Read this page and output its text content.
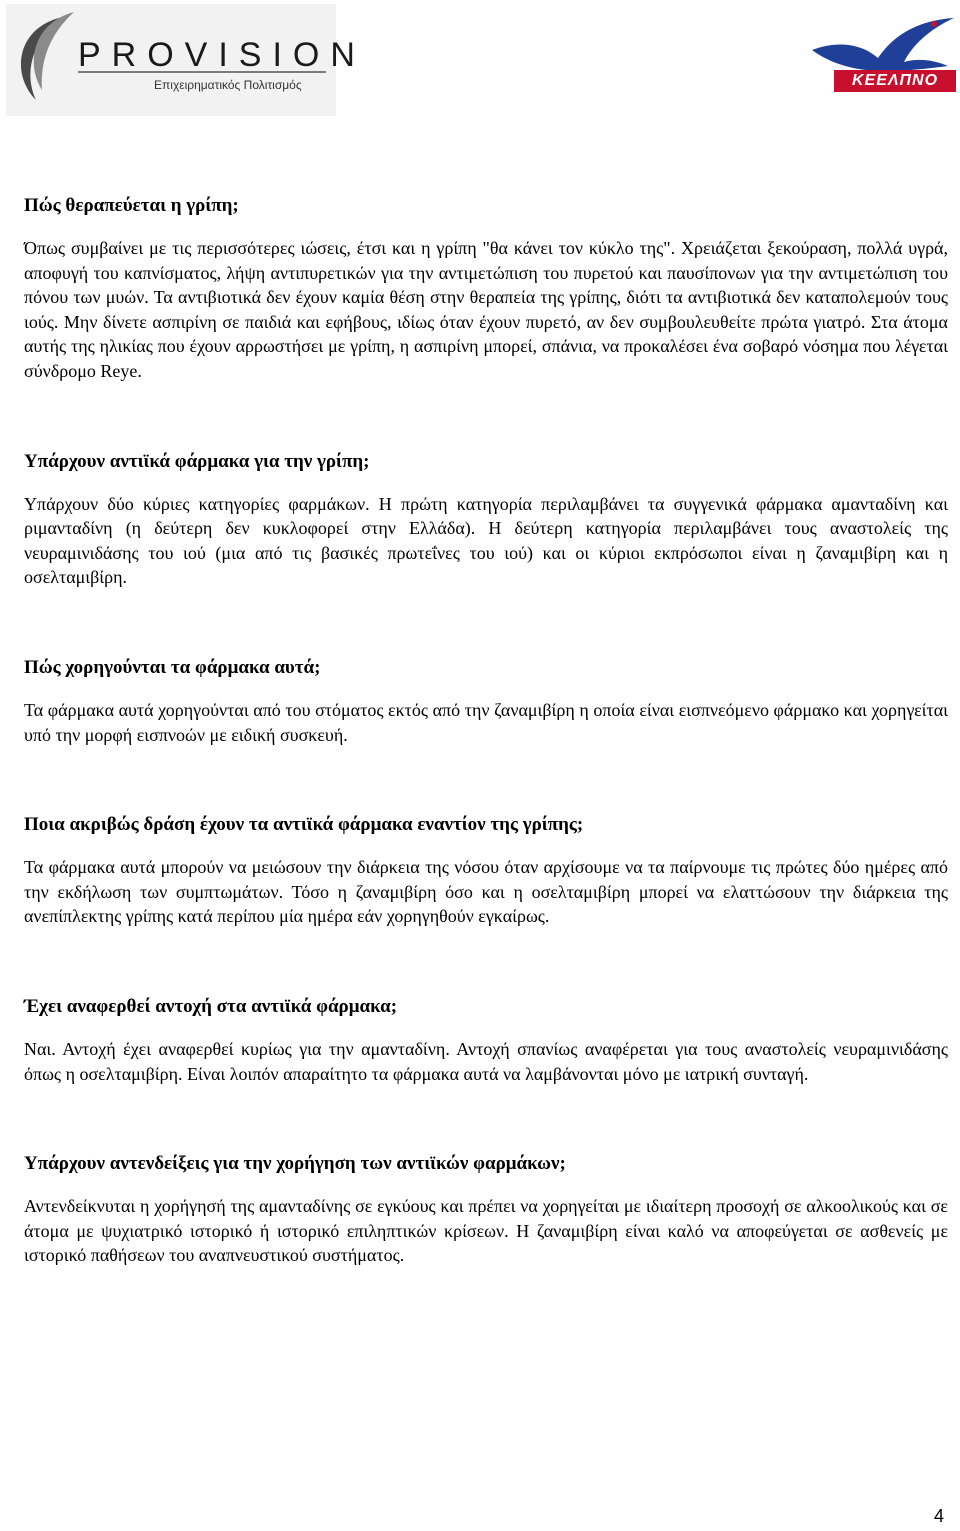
PROVISION
Επιχειρηματικός Πολιτισμός	ΚΕΕΛΠΝΟ
Πώς θεραπεύεται η γρίπη;

Όπως συμβαίνει με τις περισσότερες ιώσεις, έτσι και η γρίπη "θα κάνει τον κύκλο της". Χρειάζεται ξεκούραση, πολλά υγρά, αποφυγή του καπνίσματος, λήψη αντιπυρετικών για την αντιμετώπιση του πυρετού και παυσίπονων για την αντιμετώπιση του πόνου των μυών. Τα αντιβιοτικά δεν έχουν καμία θέση στην θεραπεία της γρίπης, διότι τα αντιβιοτικά δεν καταπολεμούν τους ιούς. Μην δίνετε ασπιρίνη σε παιδιά και εφήβους, ιδίως όταν έχουν πυρετό, αν δεν συμβουλευθείτε πρώτα γιατρό. Στα άτομα αυτής της ηλικίας που έχουν αρρωστήσει με γρίπη, η ασπιρίνη μπορεί, σπάνια, να προκαλέσει ένα σοβαρό νόσημα που λέγεται σύνδρομο Reye.

Υπάρχουν αντιϊκά φάρμακα για την γρίπη;

Υπάρχουν δύο κύριες κατηγορίες φαρμάκων. Η πρώτη κατηγορία περιλαμβάνει τα συγγενικά φάρμακα αμανταδίνη και ριμανταδίνη (η δεύτερη δεν κυκλοφορεί στην Ελλάδα). Η δεύτερη κατηγορία περιλαμβάνει τους αναστολείς της νευραμινιδάσης του ιού (μια από τις βασικές πρωτεΐνες του ιού) και οι κύριοι εκπρόσωποι είναι η ζαναμιβίρη και η οσελταμιβίρη.

Πώς χορηγούνται τα φάρμακα αυτά;

Τα φάρμακα αυτά χορηγούνται από του στόματος εκτός από την ζαναμιβίρη η οποία είναι εισπνεόμενο φάρμακο και χορηγείται υπό την μορφή εισπνοών με ειδική συσκευή.

Ποια ακριβώς δράση έχουν τα αντιϊκά φάρμακα εναντίον της γρίπης;

Τα φάρμακα αυτά μπορούν να μειώσουν την διάρκεια της νόσου όταν αρχίσουμε να τα παίρνουμε τις πρώτες δύο ημέρες από την εκδήλωση των συμπτωμάτων. Τόσο η ζαναμιβίρη όσο και η οσελταμιβίρη μπορεί να ελαττώσουν την διάρκεια της ανεπίπλεκτης γρίπης κατά περίπου μία ημέρα εάν χορηγηθούν εγκαίρως.

Έχει αναφερθεί αντοχή στα αντιϊκά φάρμακα;

Ναι. Αντοχή έχει αναφερθεί κυρίως για την αμανταδίνη. Αντοχή σπανίως αναφέρεται για τους αναστολείς νευραμινιδάσης όπως η οσελταμιβίρη. Είναι λοιπόν απαραίτητο τα φάρμακα αυτά να λαμβάνονται μόνο με ιατρική συνταγή.

Υπάρχουν αντενδείξεις για την χορήγηση των αντιϊκών φαρμάκων;

Αντενδείκνυται η χορήγησή της αμανταδίνης σε εγκύους και πρέπει να χορηγείται με ιδιαίτερη προσοχή σε αλκοολικούς και σε άτομα με ψυχιατρικό ιστορικό ή ιστορικό επιληπτικών κρίσεων. Η ζαναμιβίρη είναι καλό να αποφεύγεται σε ασθενείς με ιστορικό παθήσεων του αναπνευστικού συστήματος.

4
